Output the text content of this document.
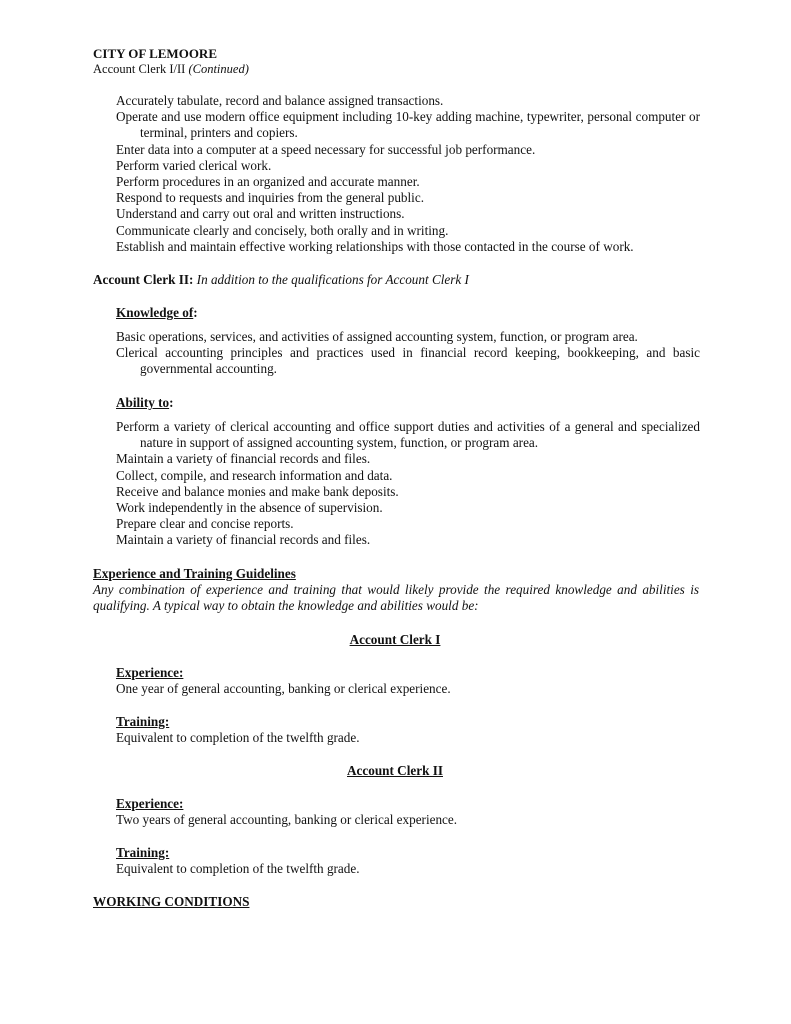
CITY OF LEMOORE
Account Clerk I/II (Continued)

Accurately tabulate, record and balance assigned transactions.

Operate and use modern office equipment including 10-key adding machine, typewriter, personal computer or terminal, printers and copiers.

Enter data into a computer at a speed necessary for successful job performance.

Perform varied clerical work.

Perform procedures in an organized and accurate manner.

Respond to requests and inquiries from the general public.

Understand and carry out oral and written instructions.

Communicate clearly and concisely, both orally and in writing.

Establish and maintain effective working relationships with those contacted in the course of work.

Account Clerk II: In addition to the qualifications for Account Clerk I
Knowledge of:

Basic operations, services, and activities of assigned accounting system, function, or program area.

Clerical accounting principles and practices used in financial record keeping, bookkeeping, and basic governmental accounting.

Ability to:

Perform a variety of clerical accounting and office support duties and activities of a general and specialized nature in support of assigned accounting system, function, or program area.

Maintain a variety of financial records and files.

Collect, compile, and research information and data.

Receive and balance monies and make bank deposits.

Work independently in the absence of supervision.

Prepare clear and concise reports.

Maintain a variety of financial records and files.

Experience and Training Guidelines
Any combination of experience and training that would likely provide the required knowledge and abilities is qualifying. A typical way to obtain the knowledge and abilities would be:
Account Clerk I
Experience:
One year of general accounting, banking or clerical experience.
Training:
Equivalent to completion of the twelfth grade.
Account Clerk II
Experience:
Two years of general accounting, banking or clerical experience.
Training:
Equivalent to completion of the twelfth grade.
WORKING CONDITIONS
